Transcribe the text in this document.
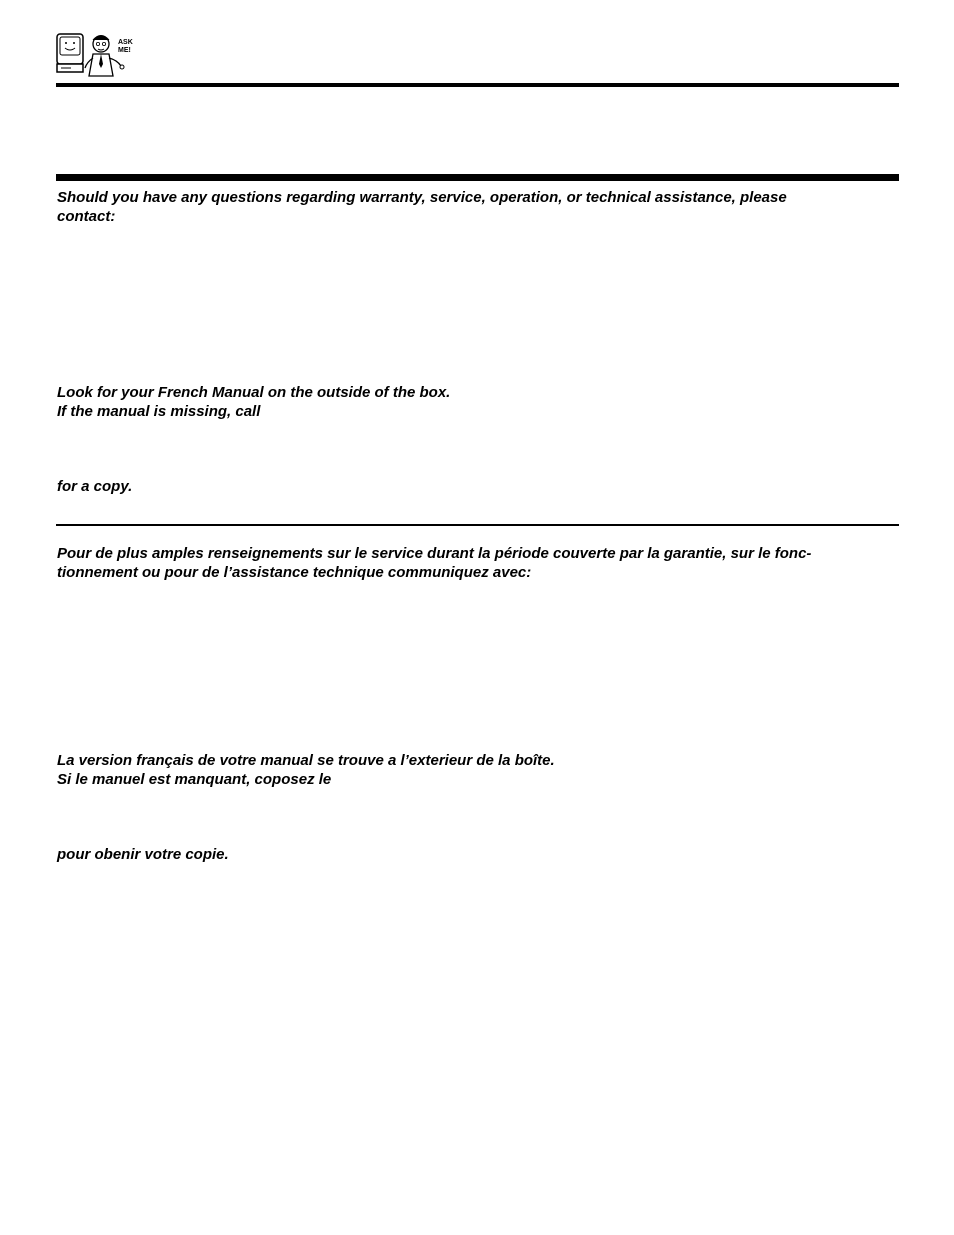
ASK
ME!

Should you have any questions regarding warranty, service, operation, or technical assistance, please
contact:

Look for your French Manual on the outside of the box.
If the manual is missing, call

for a copy.

Pour de plus amples renseignements sur le service durant la période couverte par la garantie, sur le fonc-
tionnement ou pour de l’assistance technique communiquez avec:

La version français de votre manual se trouve a l’exterieur de la boîte.
Si le manuel est manquant, coposez le

pour obenir votre copie.
